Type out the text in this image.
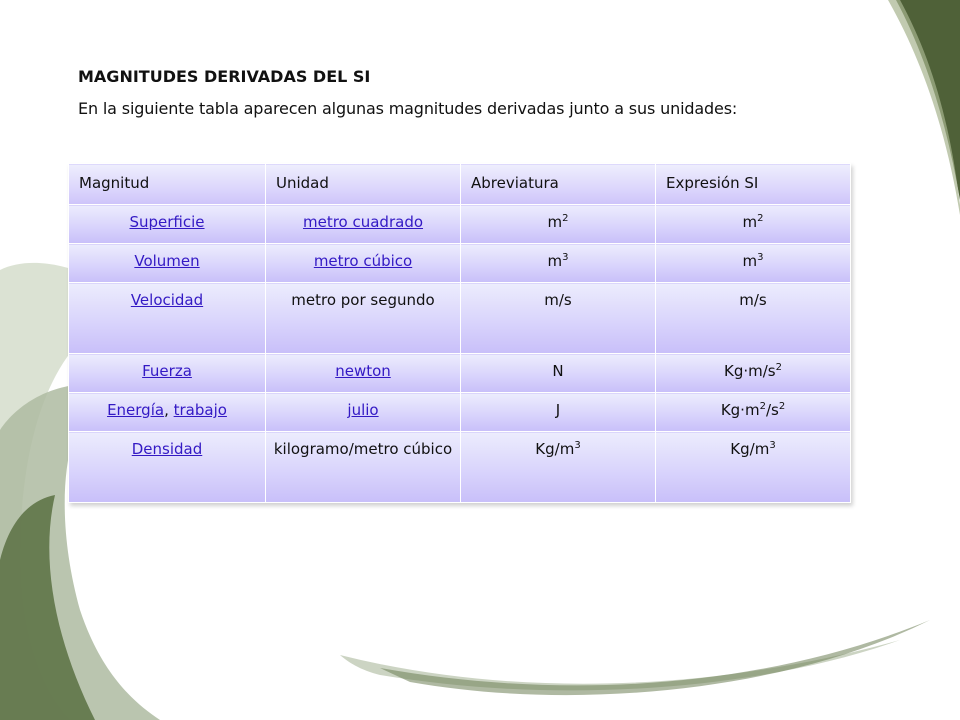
MAGNITUDES DERIVADAS DEL SI

En la siguiente tabla aparecen algunas magnitudes derivadas junto a sus unidades:

Magnitud	Unidad	Abreviatura	Expresión SI
Superficie	metro cuadrado	$m^2$	$m^2$
Volumen	metro cúbico	$m^3$	$m^3$
Velocidad	metro por segundo	m/s	m/s
Fuerza	newton	N	$Kg\cdot m/s^2$
Energía, trabajo	julio	J	$Kg\cdot m^2/s^2$
Densidad	kilogramo/metro cúbico	$Kg/m^3$	$Kg/m^3$
